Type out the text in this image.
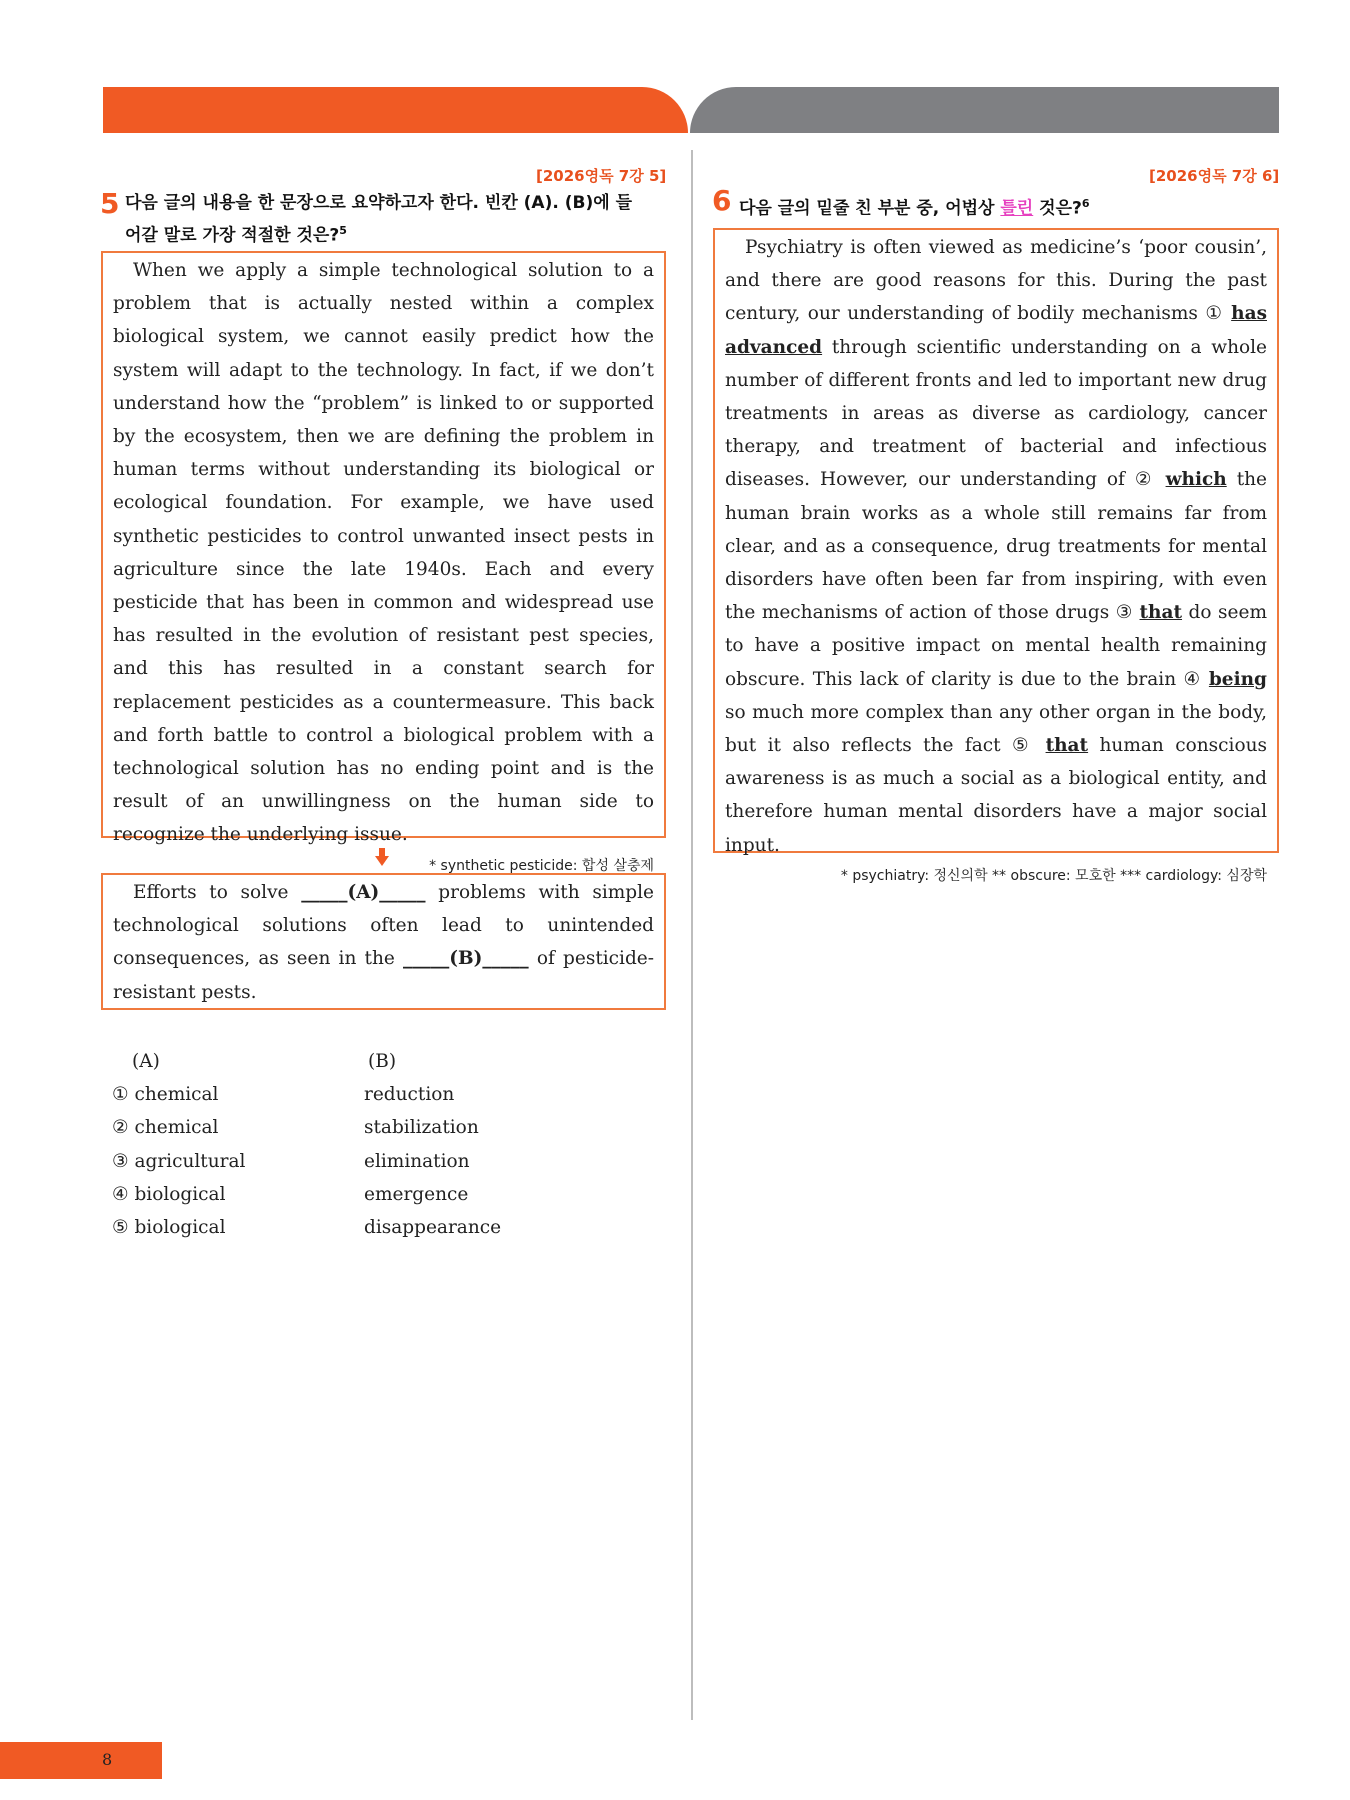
[2026영독 7강 5]
5 다음 글의 내용을 한 문장으로 요약하고자 한다. 빈칸 (A). (B)에 들
어갈 말로 가장 적절한 것은?$^5$

When we apply a simple technological solution to a problem that is actually nested within a complex biological system, we cannot easily predict how the system will adapt to the technology. In fact, if we don’t understand how the “problem” is linked to or supported by the ecosystem, then we are defining the problem in human terms without understanding its biological or ecological foundation. For example, we have used synthetic pesticides to control unwanted insect pests in agriculture since the late 1940s. Each and every pesticide that has been in common and widespread use has resulted in the evolution of resistant pest species, and this has resulted in a constant search for replacement pesticides as a countermeasure. This back and forth battle to control a biological problem with a technological solution has no ending point and is the result of an unwillingness on the human side to recognize the underlying issue.

* synthetic pesticide: 합성 살충제

Efforts to solve _____(A)_____ problems with simple technological solutions often lead to unintended consequences, as seen in the _____(B)_____ of pesticide-resistant pests.

(A)	(B)
① chemical	reduction
② chemical	stabilization
③ agricultural	elimination
④ biological	emergence
⑤ biological	disappearance
[2026영독 7강 6]
6 다음 글의 밑줄 친 부분 중, 어법상 틀린 것은?$^6$

Psychiatry is often viewed as medicine’s ‘poor cousin’, and there are good reasons for this. During the past century, our understanding of bodily mechanisms ① has advanced through scientific understanding on a whole number of different fronts and led to important new drug treatments in areas as diverse as cardiology, cancer therapy, and treatment of bacterial and infectious diseases. However, our understanding of ② which the human brain works as a whole still remains far from clear, and as a consequence, drug treatments for mental disorders have often been far from inspiring, with even the mechanisms of action of those drugs ③ that do seem to have a positive impact on mental health remaining obscure. This lack of clarity is due to the brain ④ being so much more complex than any other organ in the body, but it also reflects the fact ⑤ that human conscious awareness is as much a social as a biological entity, and therefore human mental disorders have a major social input.

* psychiatry: 정신의학 ** obscure: 모호한 *** cardiology: 심장학
8
